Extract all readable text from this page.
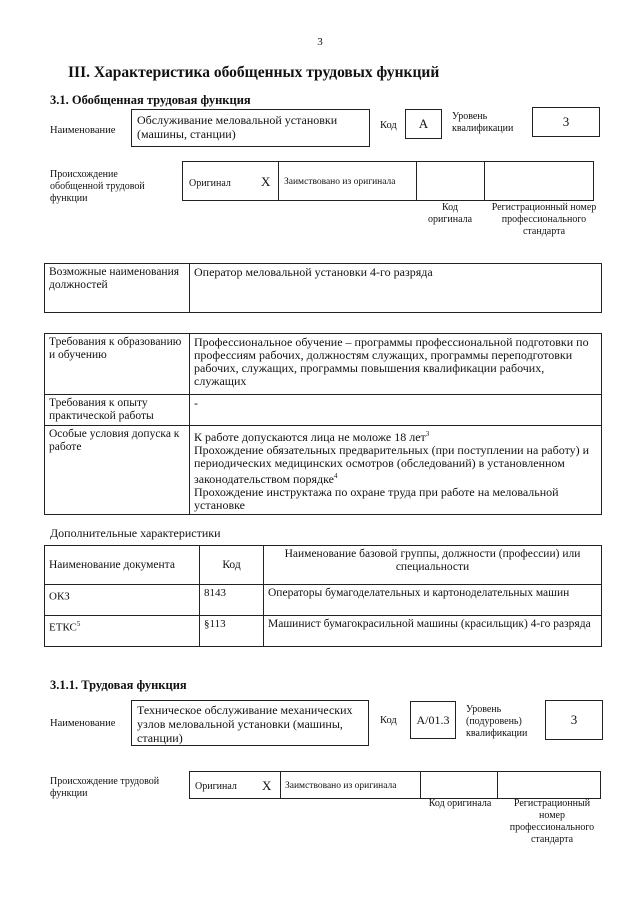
3
III. Характеристика обобщенных трудовых функций
3.1. Обобщенная трудовая функция
Наименование
Обслуживание меловальной установки (машины, станции)
Код	А	Уровень квалификации	3
Происхождение обобщенной трудовой функции
Оригинал X Заимствовано из оригинала
Код оригинала
Регистрационный номер профессионального стандарта
Возможные наименования должностей	Оператор меловальной установки 4-го разряда
Требования к образованию и обучению	Профессиональное обучение – программы профессиональной подготовки по профессиям рабочих, должностям служащих, программы переподготовки рабочих, служащих, программы повышения квалификации рабочих, служащих
Требования к опыту практической работы	-
Особые условия допуска к работе	К работе допускаются лица не моложе 18 лет$^3$
Прохождение обязательных предварительных (при поступлении на работу) и периодических медицинских осмотров (обследований) в установленном законодательством порядке$^4$
Прохождение инструктажа по охране труда при работе на меловальной установке
Дополнительные характеристики
Наименование документа	Код	Наименование базовой группы, должности (профессии) или специальности
ОКЗ	8143	Операторы бумагоделательных и картоноделательных машин
ЕТКС$^5$	§113	Машинист бумагокрасильной машины (красильщик) 4-го разряда
3.1.1. Трудовая функция
Наименование
Техническое обслуживание механических узлов меловальной установки (машины, станции)
Код	А/01.3
Уровень (подуровень) квалификации
3
Происхождение трудовой функции
Оригинал X Заимствовано из оригинала
Код оригинала	Регистрационный номер профессионального стандарта
